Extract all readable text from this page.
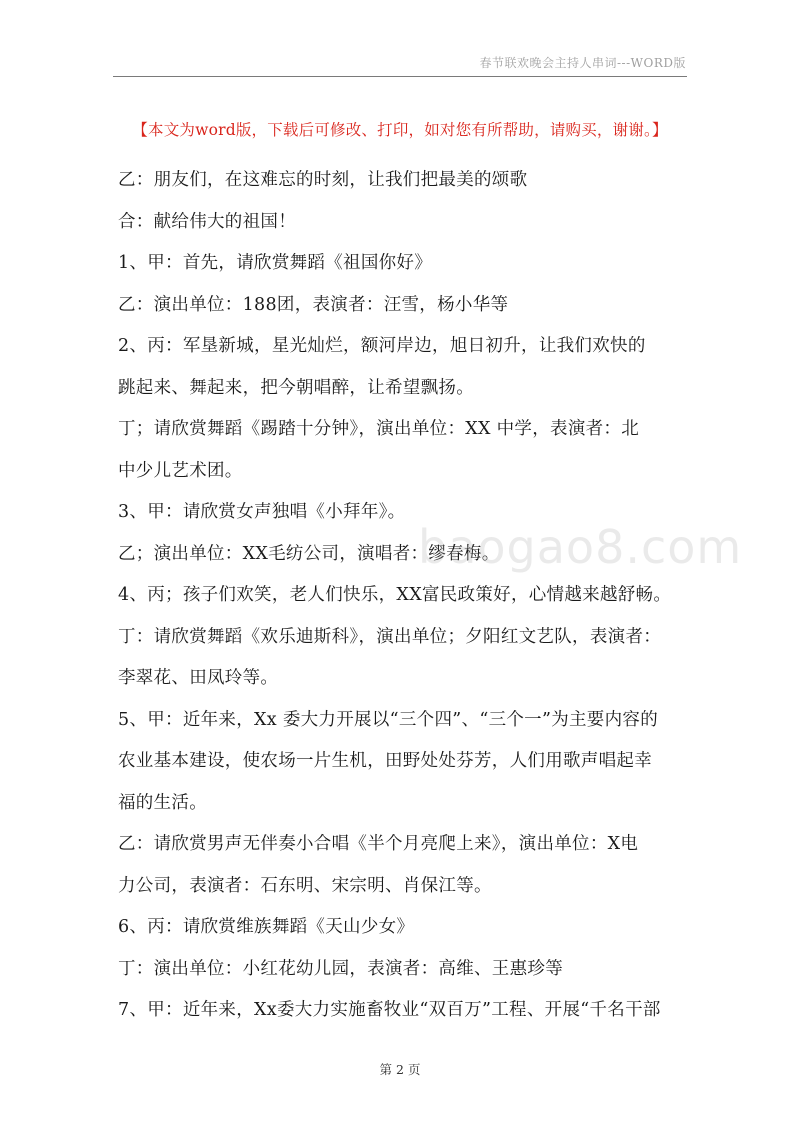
春节联欢晚会主持人串词---WORD版
【本文为word版，下载后可修改、打印，如对您有所帮助，请购买，谢谢。】
乙：朋友们，在这难忘的时刻，让我们把最美的颂歌
合：献给伟大的祖国！
1、甲：首先，请欣赏舞蹈《祖国你好》
乙：演出单位：188团，表演者：汪雪，杨小华等
2、丙：军垦新城，星光灿烂，额河岸边，旭日初升，让我们欢快的
跳起来、舞起来，把今朝唱醉，让希望飘扬。
丁；请欣赏舞蹈《踢踏十分钟》，演出单位：XX 中学，表演者：北
中少儿艺术团。
3、甲：请欣赏女声独唱《小拜年》。
乙；演出单位：XX毛纺公司，演唱者：缪春梅。
4、丙；孩子们欢笑，老人们快乐，XX富民政策好，心情越来越舒畅。
丁：请欣赏舞蹈《欢乐迪斯科》，演出单位；夕阳红文艺队，表演者：
李翠花、田凤玲等。
5、甲：近年来，Xx 委大力开展以“三个四”、“三个一”为主要内容的
农业基本建设，使农场一片生机，田野处处芬芳，人们用歌声唱起幸
福的生活。
乙：请欣赏男声无伴奏小合唱《半个月亮爬上来》，演出单位：X电
力公司，表演者：石东明、宋宗明、肖保江等。
6、丙：请欣赏维族舞蹈《天山少女》
丁：演出单位：小红花幼儿园，表演者：高维、王惠珍等
7、甲：近年来，Xx委大力实施畜牧业“双百万”工程、开展“千名干部
baogao8.com
第 2 页
